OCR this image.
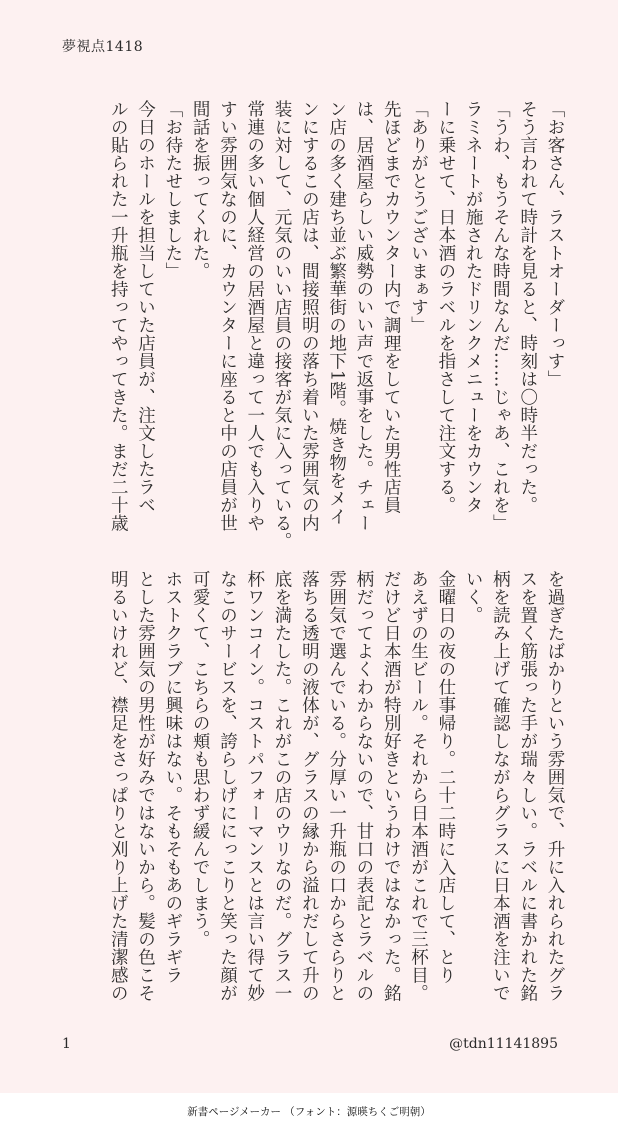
夢視点1418

「お客さん、ラストオーダーっす」

そう言われて時計を見ると、時刻は〇時半だった。

「うわ、もうそんな時間なんだ……じゃあ、これを」

ラミネートが施されたドリンクメニューをカウンタ

ーに乗せて、日本酒のラベルを指さして注文する。

「ありがとうございまぁす」

先ほどまでカウンター内で調理をしていた男性店員

は、居酒屋らしい威勢のいい声で返事をした。チェー

ン店の多く建ち並ぶ繁華街の地下1階。焼き物をメイ

ンにするこの店は、間接照明の落ち着いた雰囲気の内

装に対して、元気のいい店員の接客が気に入っている。

常連の多い個人経営の居酒屋と違って一人でも入りや

すい雰囲気なのに、カウンターに座ると中の店員が世

間話を振ってくれた。

「お待たせしました」

今日のホールを担当していた店員が、注文したラベ

ルの貼られた一升瓶を持ってやってきた。まだ二十歳

を過ぎたばかりという雰囲気で、升に入れられたグラ

スを置く筋張った手が瑞々しい。ラベルに書かれた銘

柄を読み上げて確認しながらグラスに日本酒を注いで

いく。

金曜日の夜の仕事帰り。二十二時に入店して、とり

あえずの生ビール。それから日本酒がこれで三杯目。

だけど日本酒が特別好きというわけではなかった。銘

柄だってよくわからないので、甘口の表記とラベルの

雰囲気で選んでいる。分厚い一升瓶の口からさらりと

落ちる透明の液体が、グラスの縁から溢れだして升の

底を満たした。これがこの店のウリなのだ。グラス一

杯ワンコイン。コストパフォーマンスとは言い得て妙

なこのサービスを、誇らしげににっこりと笑った顔が

可愛くて、こちらの頬も思わず緩んでしまう。

ホストクラブに興味はない。そもそもあのギラギラ

とした雰囲気の男性が好みではないから。髪の色こそ

明るいけれど、襟足をさっぱりと刈り上げた清潔感の

1	@tdn11141895
新書ページメーカー （フォント：源暎ちくご明朝）
